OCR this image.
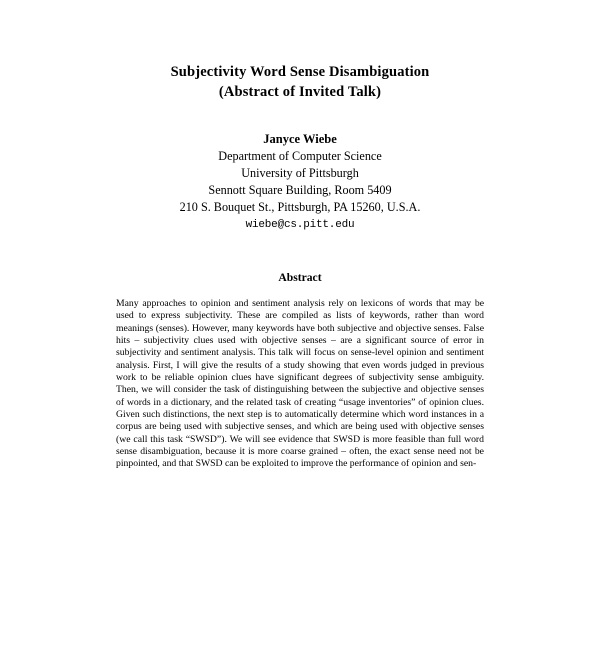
Subjectivity Word Sense Disambiguation
(Abstract of Invited Talk)
Janyce Wiebe
Department of Computer Science
University of Pittsburgh
Sennott Square Building, Room 5409
210 S. Bouquet St., Pittsburgh, PA 15260, U.S.A.
wiebe@cs.pitt.edu
Abstract

Many approaches to opinion and sentiment analysis rely on lexicons of words that may be used to express subjectivity. These are compiled as lists of keywords, rather than word meanings (senses). However, many keywords have both subjective and objective senses. False hits – subjectivity clues used with objective senses – are a significant source of error in subjectivity and sentiment analysis. This talk will focus on sense-level opinion and sentiment analysis. First, I will give the results of a study showing that even words judged in previous work to be reliable opinion clues have significant degrees of subjectivity sense ambiguity. Then, we will consider the task of distinguishing between the subjective and objective senses of words in a dictionary, and the related task of creating “usage inventories” of opinion clues. Given such distinctions, the next step is to automatically determine which word instances in a corpus are being used with subjective senses, and which are being used with objective senses (we call this task “SWSD”). We will see evidence that SWSD is more feasible than full word sense disambiguation, because it is more coarse grained – often, the exact sense need not be pinpointed, and that SWSD can be exploited to improve the performance of opinion and sen-
